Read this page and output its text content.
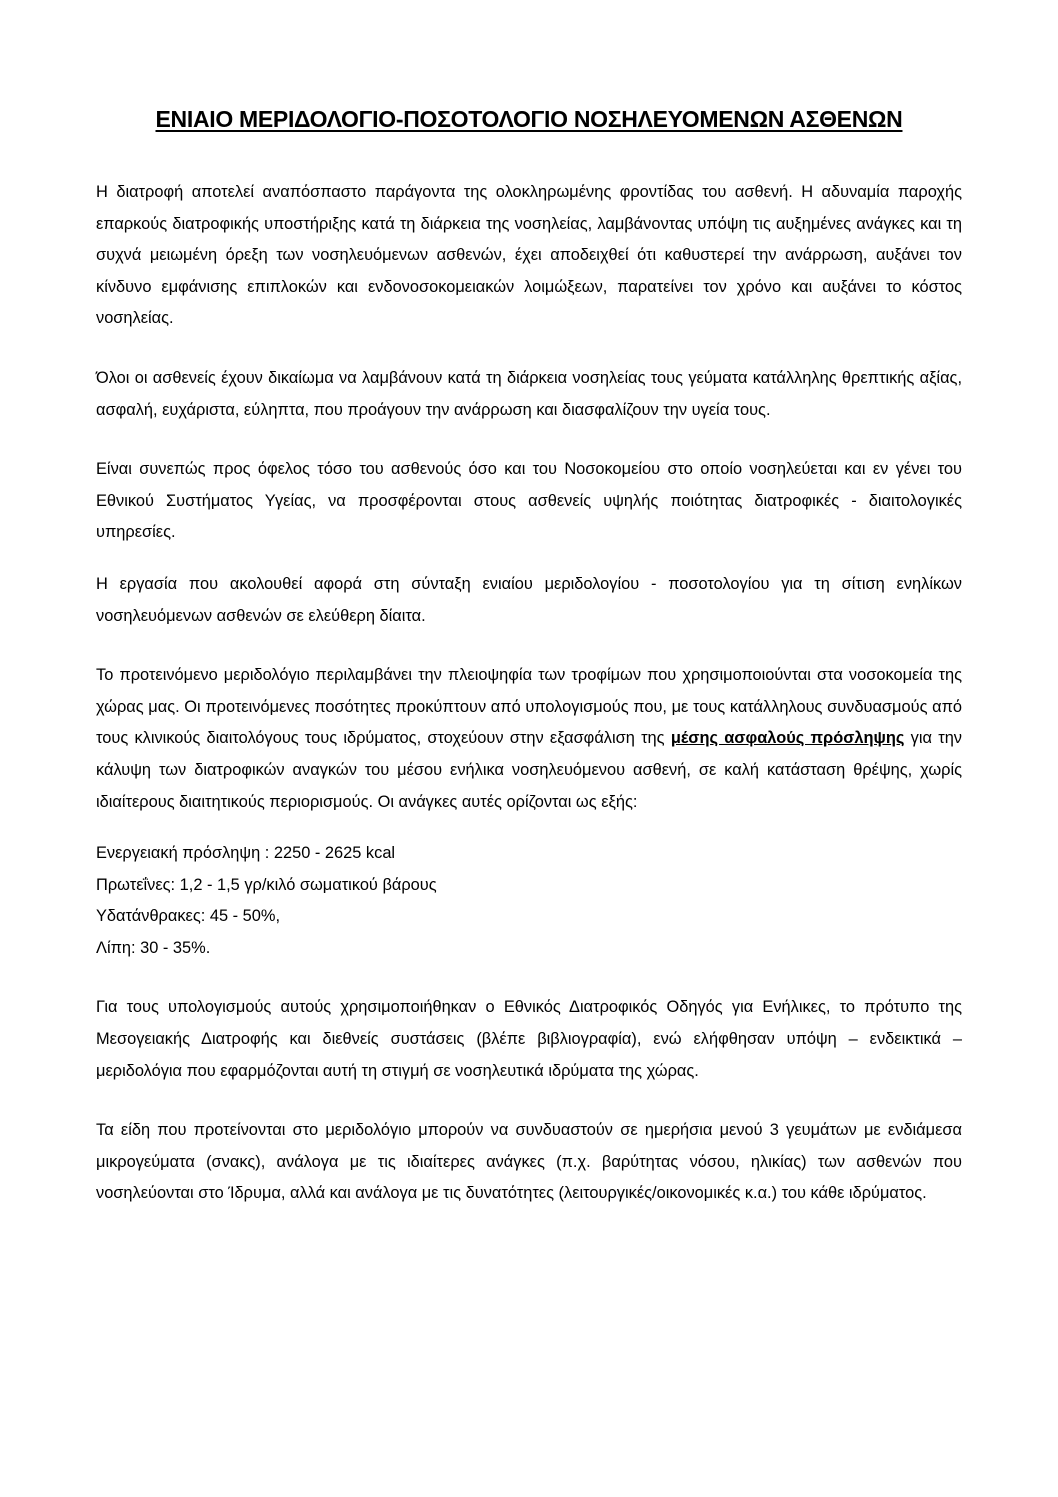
ΕΝΙΑΙΟ ΜΕΡΙΔΟΛΟΓΙΟ-ΠΟΣΟΤΟΛΟΓΙΟ ΝΟΣΗΛΕΥΟΜΕΝΩΝ ΑΣΘΕΝΩΝ

Η διατροφή αποτελεί αναπόσπαστο παράγοντα της ολοκληρωμένης φροντίδας του ασθενή. Η αδυναμία παροχής επαρκούς διατροφικής υποστήριξης κατά τη διάρκεια της νοσηλείας, λαμβάνοντας υπόψη τις αυξημένες ανάγκες και τη συχνά μειωμένη όρεξη των νοσηλευόμενων ασθενών, έχει αποδειχθεί ότι καθυστερεί την ανάρρωση, αυξάνει τον κίνδυνο εμφάνισης επιπλοκών και ενδονοσοκομειακών λοιμώξεων, παρατείνει τον χρόνο και αυξάνει το κόστος νοσηλείας.

Όλοι οι ασθενείς έχουν δικαίωμα να λαμβάνουν κατά τη διάρκεια νοσηλείας τους γεύματα κατάλληλης θρεπτικής αξίας, ασφαλή, ευχάριστα, εύληπτα, που προάγουν την ανάρρωση και διασφαλίζουν την υγεία τους.

Είναι συνεπώς προς όφελος τόσο του ασθενούς όσο και του Νοσοκομείου στο οποίο νοσηλεύεται και εν γένει του Εθνικού Συστήματος Υγείας, να προσφέρονται στους ασθενείς υψηλής ποιότητας διατροφικές - διαιτολογικές υπηρεσίες.

Η εργασία που ακολουθεί αφορά στη σύνταξη ενιαίου μεριδολογίου - ποσοτολογίου για τη σίτιση ενηλίκων νοσηλευόμενων ασθενών σε ελεύθερη δίαιτα.

Το προτεινόμενο μεριδολόγιο περιλαμβάνει την πλειοψηφία των τροφίμων που χρησιμοποιούνται στα νοσοκομεία της χώρας μας. Οι προτεινόμενες ποσότητες προκύπτουν από υπολογισμούς που, με τους κατάλληλους συνδυασμούς από τους κλινικούς διαιτολόγους τους ιδρύματος, στοχεύουν στην εξασφάλιση της μέσης ασφαλούς πρόσληψης για την κάλυψη των διατροφικών αναγκών του μέσου ενήλικα νοσηλευόμενου ασθενή, σε καλή κατάσταση θρέψης, χωρίς ιδιαίτερους διαιτητικούς περιορισμούς. Οι ανάγκες αυτές ορίζονται ως εξής:

Ενεργειακή πρόσληψη : 2250 - 2625 kcal
Πρωτεΐνες: 1,2 - 1,5 γρ/κιλό σωματικού βάρους
Υδατάνθρακες: 45 - 50%,
Λίπη: 30 - 35%.

Για τους υπολογισμούς αυτούς χρησιμοποιήθηκαν ο Εθνικός Διατροφικός Οδηγός για Ενήλικες, το πρότυπο της Μεσογειακής Διατροφής και διεθνείς συστάσεις (βλέπε βιβλιογραφία), ενώ ελήφθησαν υπόψη – ενδεικτικά – μεριδολόγια που εφαρμόζονται αυτή τη στιγμή σε νοσηλευτικά ιδρύματα της χώρας.

Τα είδη που προτείνονται στο μεριδολόγιο μπορούν να συνδυαστούν σε ημερήσια μενού 3 γευμάτων με ενδιάμεσα μικρογεύματα (σνακς), ανάλογα με τις ιδιαίτερες ανάγκες (π.χ. βαρύτητας νόσου, ηλικίας) των ασθενών που νοσηλεύονται στο Ίδρυμα, αλλά και ανάλογα με τις δυνατότητες (λειτουργικές/οικονομικές κ.α.) του κάθε ιδρύματος.
